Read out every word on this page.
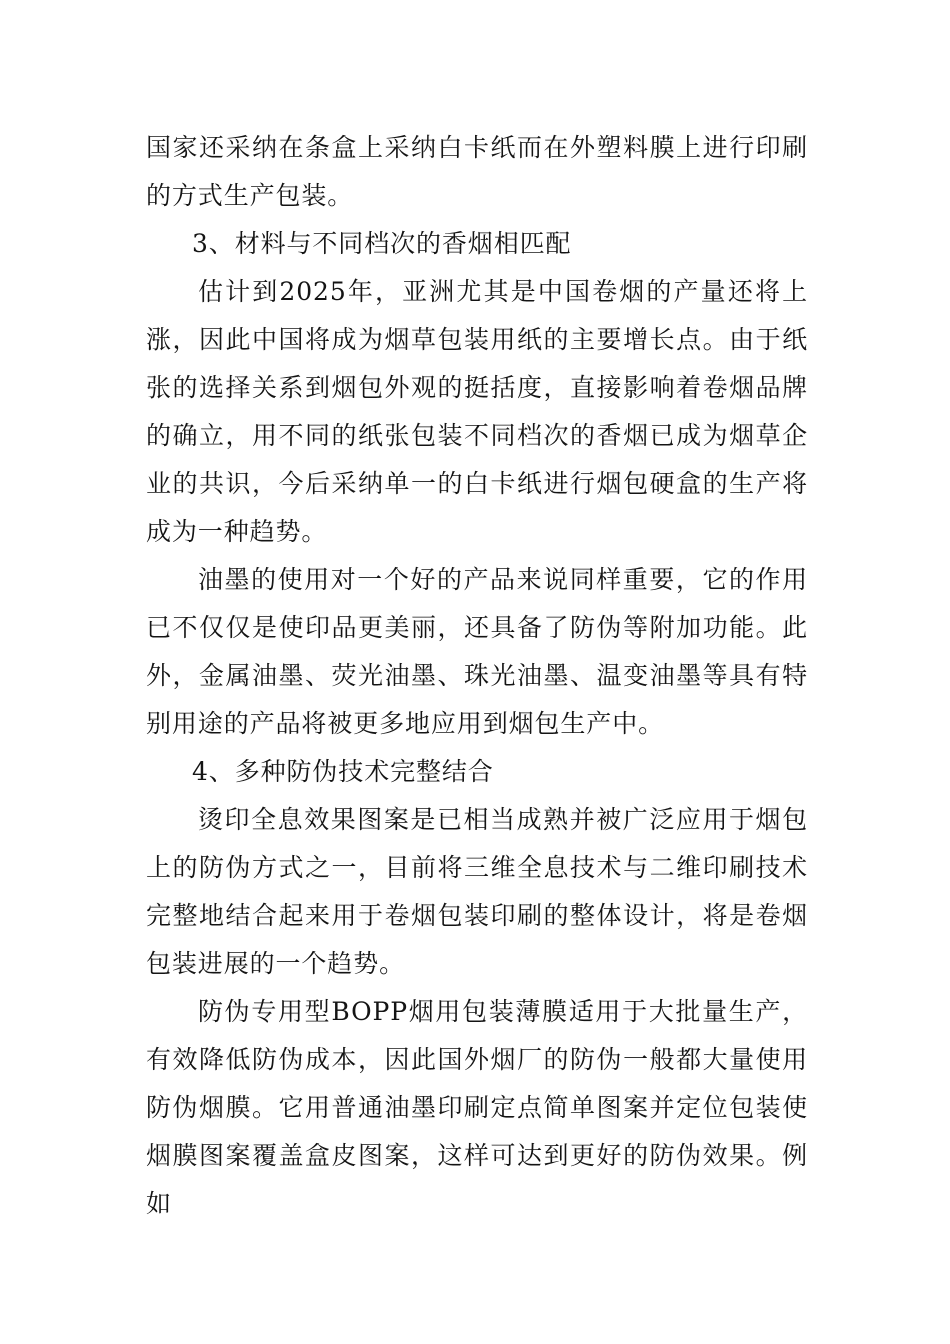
国家还采纳在条盒上采纳白卡纸而在外塑料膜上进行印刷的方式生产包装。

3、材料与不同档次的香烟相匹配

估计到2025年，亚洲尤其是中国卷烟的产量还将上涨，因此中国将成为烟草包装用纸的主要增长点。由于纸张的选择关系到烟包外观的挺括度，直接影响着卷烟品牌的确立，用不同的纸张包装不同档次的香烟已成为烟草企业的共识，今后采纳单一的白卡纸进行烟包硬盒的生产将成为一种趋势。

油墨的使用对一个好的产品来说同样重要，它的作用已不仅仅是使印品更美丽，还具备了防伪等附加功能。此外，金属油墨、荧光油墨、珠光油墨、温变油墨等具有特别用途的产品将被更多地应用到烟包生产中。

4、多种防伪技术完整结合

烫印全息效果图案是已相当成熟并被广泛应用于烟包上的防伪方式之一，目前将三维全息技术与二维印刷技术完整地结合起来用于卷烟包装印刷的整体设计，将是卷烟包装进展的一个趋势。

防伪专用型BOPP烟用包装薄膜适用于大批量生产，有效降低防伪成本，因此国外烟厂的防伪一般都大量使用防伪烟膜。它用普通油墨印刷定点简单图案并定位包装使烟膜图案覆盖盒皮图案，这样可达到更好的防伪效果。例如
